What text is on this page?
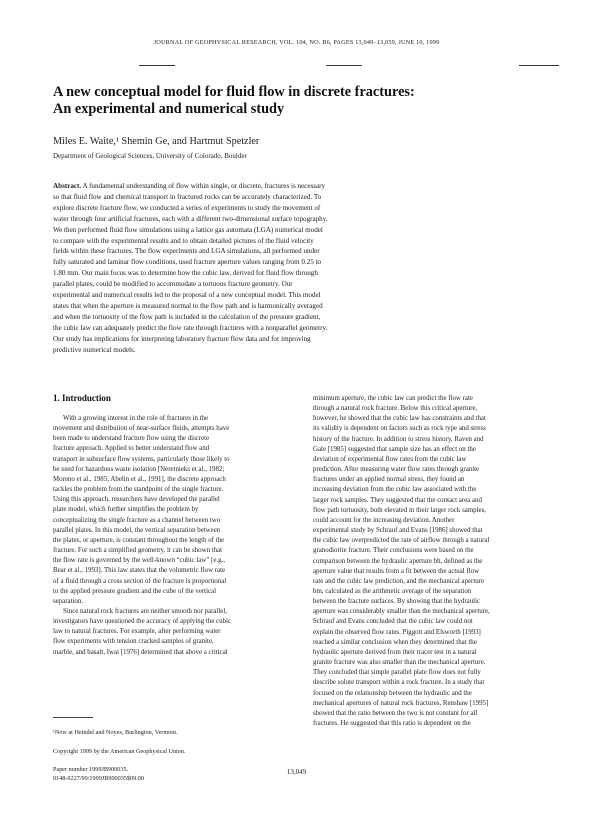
JOURNAL OF GEOPHYSICAL RESEARCH, VOL. 104, NO. B6, PAGES 13,049–13,059, JUNE 10, 1999
A new conceptual model for fluid flow in discrete fractures:
An experimental and numerical study
Miles E. Waite,¹ Shemin Ge, and Hartmut Spetzler
Department of Geological Sciences, University of Colorado, Boulder
Abstract. A fundamental understanding of flow within single, or discrete, fractures is necessary
so that fluid flow and chemical transport in fractured rocks can be accurately characterized. To
explore discrete fracture flow, we conducted a series of experiments to study the movement of
water through four artificial fractures, each with a different two-dimensional surface topography.
We then performed fluid flow simulations using a lattice gas automata (LGA) numerical model
to compare with the experimental results and to obtain detailed pictures of the fluid velocity
fields within these fractures. The flow experiments and LGA simulations, all performed under
fully saturated and laminar flow conditions, used fracture aperture values ranging from 0.25 to
1.80 mm. Our main focus was to determine how the cubic law, derived for fluid flow through
parallel plates, could be modified to accommodate a tortuous fracture geometry. Our
experimental and numerical results led to the proposal of a new conceptual model. This model
states that when the aperture is measured normal to the flow path and is harmonically averaged
and when the tortuosity of the flow path is included in the calculation of the pressure gradient,
the cubic law can adequately predict the flow rate through fractures with a nonparallel geometry.
Our study has implications for interpreting laboratory fracture flow data and for improving
predictive numerical models.
1. Introduction
With a growing interest in the role of fractures in the
movement and distribution of near-surface fluids, attempts have
been made to understand fracture flow using the discrete
fracture approach. Applied to better understand flow and
transport in subsurface flow systems, particularly those likely to
be used for hazardous waste isolation [Neretnieks et al., 1982;
Moreno et al., 1985; Abelin et al., 1991], the discrete approach
tackles the problem from the standpoint of the single fracture.
Using this approach, researchers have developed the parallel
plate model, which further simplifies the problem by
conceptualizing the single fracture as a channel between two
parallel plates. In this model, the vertical separation between
the plates, or aperture, is constant throughout the length of the
fracture. For such a simplified geometry, it can be shown that
the flow rate is governed by the well-known “cubic law” [e.g.,
Bear et al., 1993]. This law states that the volumetric flow rate
of a fluid through a cross section of the fracture is proportional
to the applied pressure gradient and the cube of the vertical
separation.
Since natural rock fractures are neither smooth nor parallel,
investigators have questioned the accuracy of applying the cubic
law to natural fractures. For example, after performing water
flow experiments with tension cracked samples of granite,
marble, and basalt, Iwai [1976] determined that above a critical
minimum aperture, the cubic law can predict the flow rate
through a natural rock fracture. Below this critical aperture,
however, he showed that the cubic law has constraints and that
its validity is dependent on factors such as rock type and stress
history of the fracture. In addition to stress history, Raven and
Gale [1985] suggested that sample size has an effect on the
deviation of experimental flow rates from the cubic law
prediction. After measuring water flow rates through granite
fractures under an applied normal stress, they found an
increasing deviation from the cubic law associated with the
larger rock samples. They suggested that the contact area and
flow path tortuosity, both elevated in their larger rock samples,
could account for the increasing deviation. Another
experimental study by Schrauf and Evans [1986] showed that
the cubic law overpredicted the rate of airflow through a natural
granodiorite fracture. Their conclusions were based on the
comparison between the hydraulic aperture bh, defined as the
aperture value that results from a fit between the actual flow
rate and the cubic law prediction, and the mechanical aperture
bm, calculated as the arithmetic average of the separation
between the fracture surfaces. By showing that the hydraulic
aperture was considerably smaller than the mechanical aperture,
Schrauf and Evans concluded that the cubic law could not
explain the observed flow rates. Piggott and Elsworth [1993]
reached a similar conclusion when they determined that the
hydraulic aperture derived from their tracer test in a natural
granite fracture was also smaller than the mechanical aperture.
They concluded that simple parallel plate flow does not fully
describe solute transport within a rock fracture. In a study that
focused on the relationship between the hydraulic and the
mechanical apertures of natural rock fractures, Renshaw [1995]
showed that the ratio between the two is not constant for all
fractures. He suggested that this ratio is dependent on the
¹Now at Heindel and Noyes, Burlington, Vermont.
Copyright 1999 by the American Geophysical Union.
Paper number 1999JB900035.
0148-0227/99/1999JB900035$09.00
13,049
